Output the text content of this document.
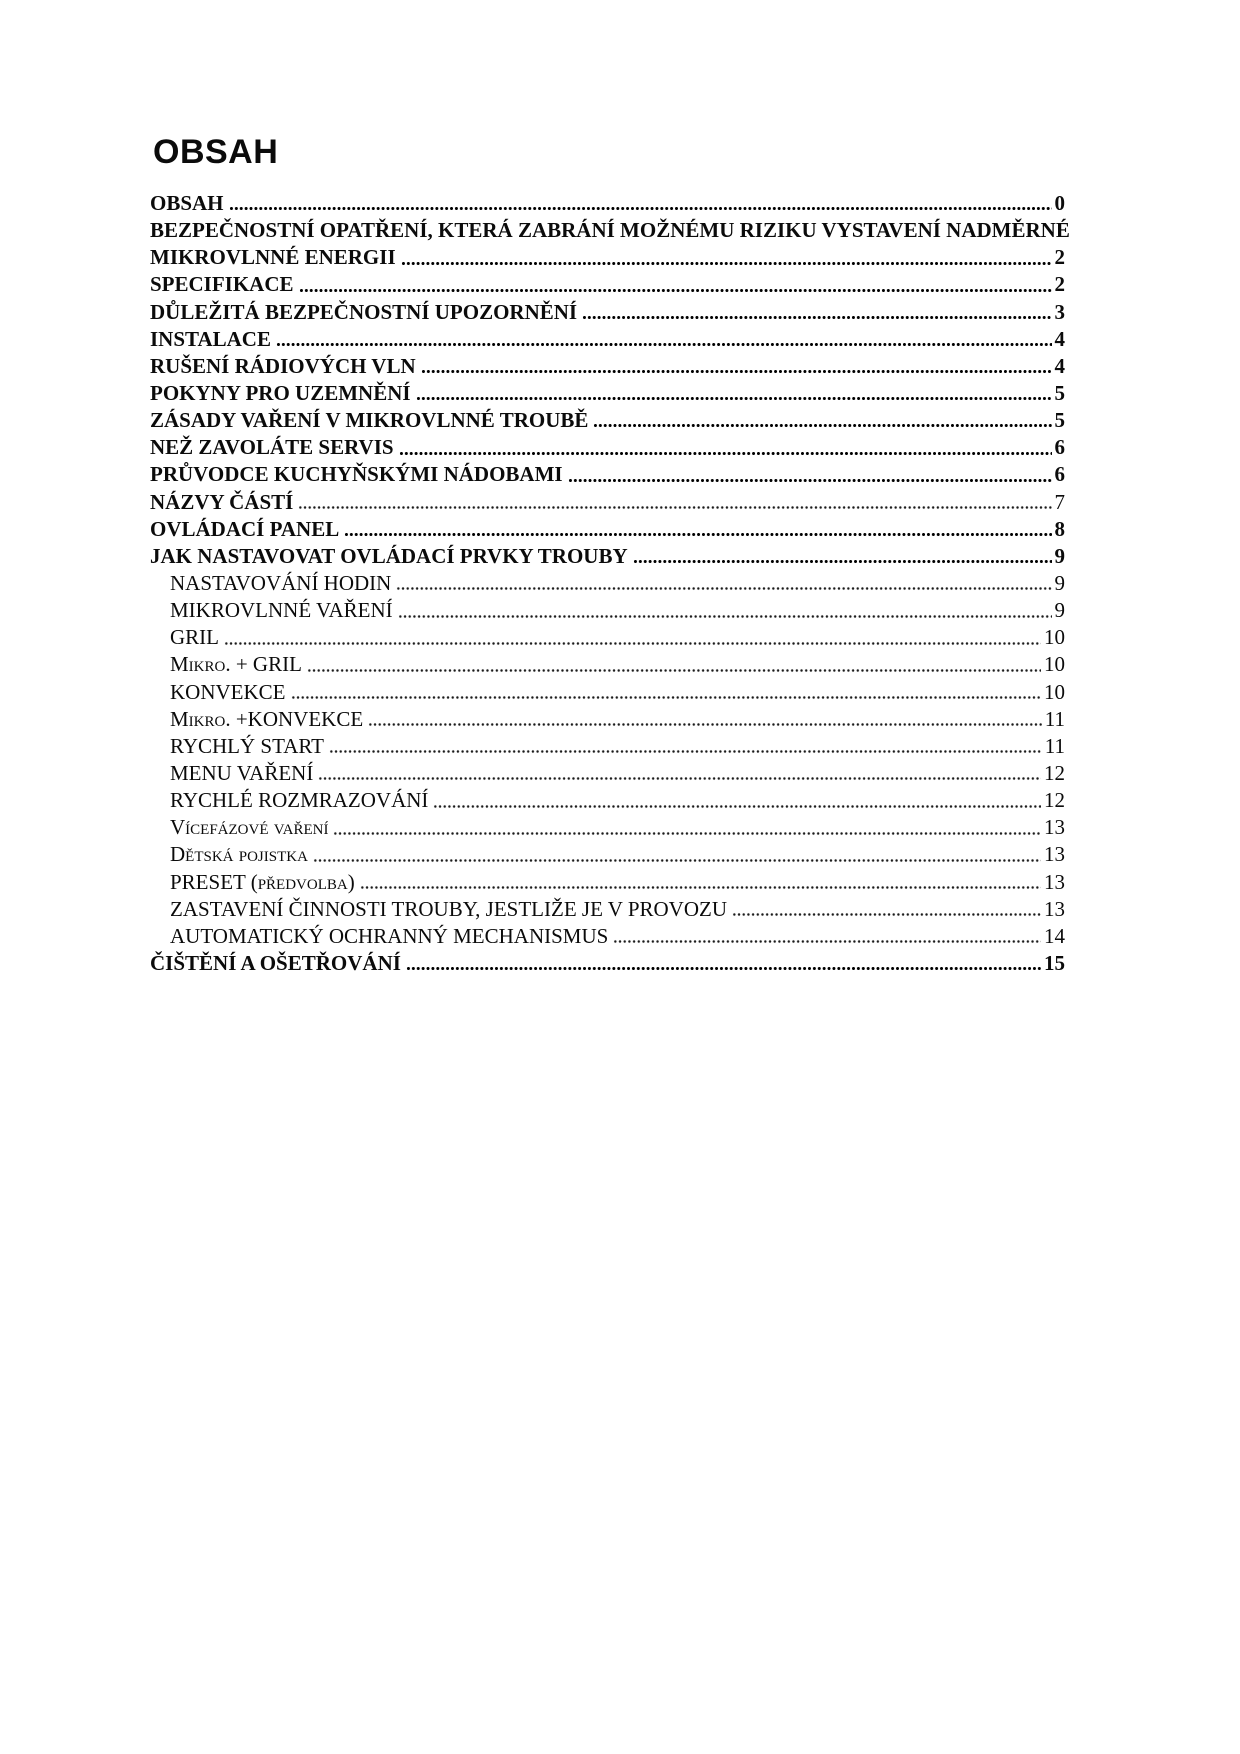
OBSAH
OBSAH	0
BEZPEČNOSTNÍ OPATŘENÍ, KTERÁ ZABRÁNÍ MOŽNÉMU RIZIKU VYSTAVENÍ NADMĚRNÉ
MIKROVLNNÉ ENERGII	2
SPECIFIKACE	2
DŮLEŽITÁ BEZPEČNOSTNÍ UPOZORNĚNÍ	3
INSTALACE	4
RUŠENÍ RÁDIOVÝCH VLN	4
POKYNY PRO UZEMNĚNÍ	5
ZÁSADY VAŘENÍ V MIKROVLNNÉ TROUBĚ	5
NEŽ ZAVOLÁTE SERVIS	6
PRŮVODCE KUCHYŇSKÝMI NÁDOBAMI	6
NÁZVY ČÁSTÍ	7
OVLÁDACÍ PANEL	8
JAK NASTAVOVAT OVLÁDACÍ PRVKY TROUBY	9
NASTAVOVÁNÍ HODIN	9
MIKROVLNNÉ VAŘENÍ	9
GRIL	10
Mikro. + GRIL	10
KONVEKCE	10
Mikro. +KONVEKCE	11
RYCHLÝ START	11
MENU VAŘENÍ	12
RYCHLÉ ROZMRAZOVÁNÍ	12
Vícefázové vaření	13
Dětská pojistka	13
PRESET (předvolba)	13
ZASTAVENÍ ČINNOSTI TROUBY, JESTLIŽE JE V PROVOZU	13
AUTOMATICKÝ OCHRANNÝ MECHANISMUS	14
ČIŠTĚNÍ A OŠETŘOVÁNÍ	15
